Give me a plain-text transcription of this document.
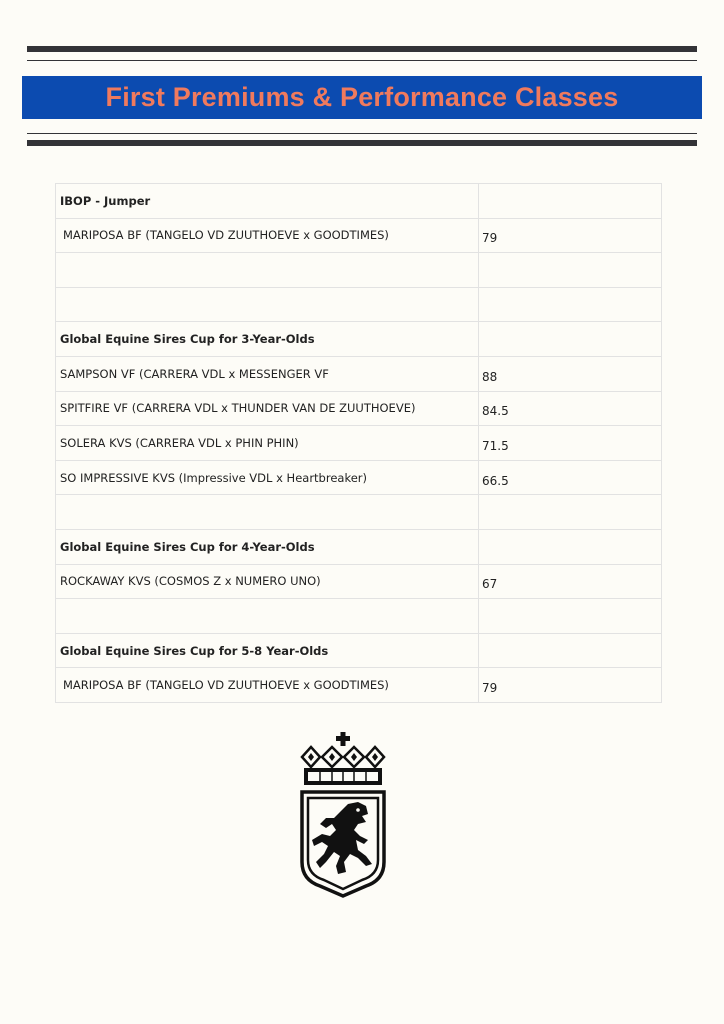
First Premiums & Performance Classes
IBOP - Jumper	
MARIPOSA BF (TANGELO VD ZUUTHOEVE x GOODTIMES)	79

Global Equine Sires Cup for 3-Year-Olds	
SAMPSON VF (CARRERA VDL x MESSENGER VF	88
SPITFIRE VF (CARRERA VDL x THUNDER VAN DE ZUUTHOEVE)	84.5
SOLERA KVS (CARRERA VDL x PHIN PHIN)	71.5
SO IMPRESSIVE KVS (Impressive VDL x Heartbreaker)	66.5

Global Equine Sires Cup for 4-Year-Olds	
ROCKAWAY KVS (COSMOS Z x NUMERO UNO)	67

Global Equine Sires Cup for 5-8 Year-Olds	
MARIPOSA BF (TANGELO VD ZUUTHOEVE x GOODTIMES)	79
